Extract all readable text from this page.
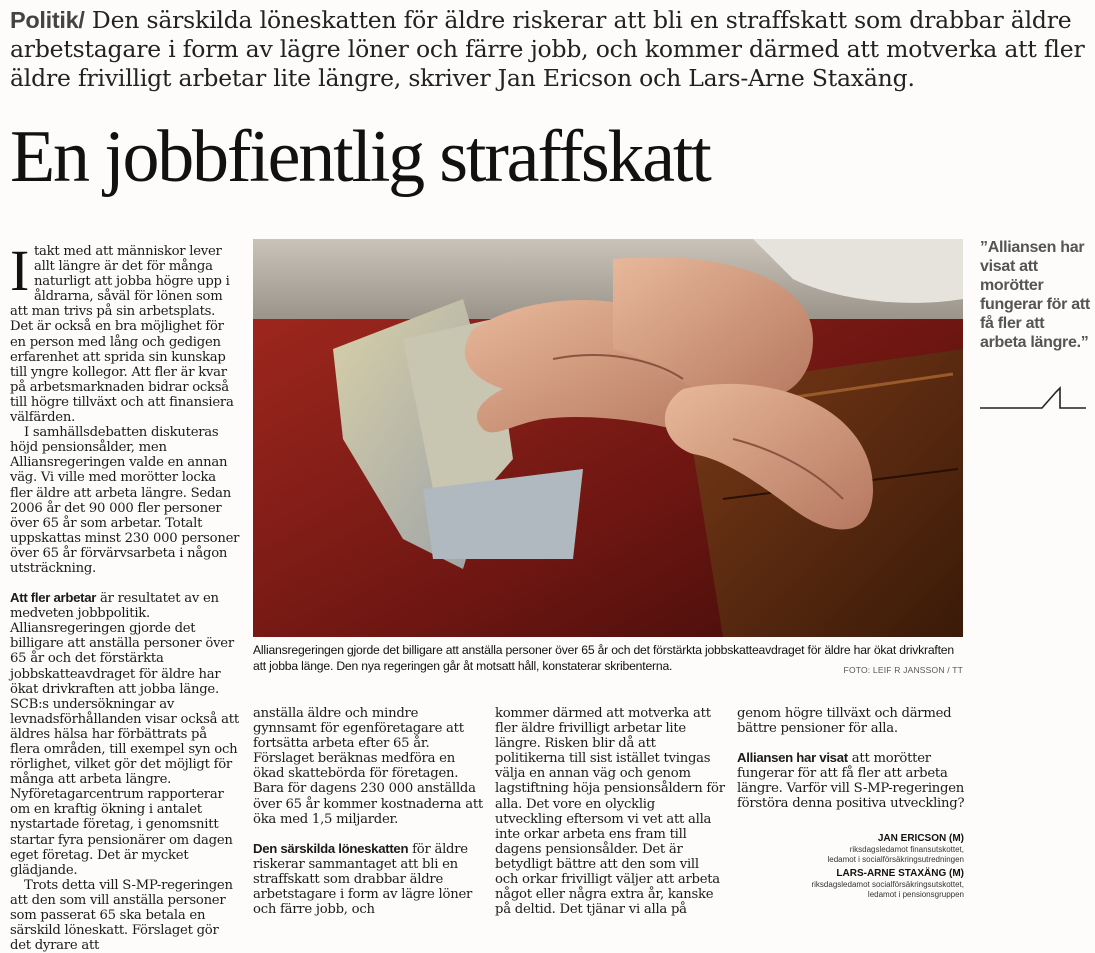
Politik/ Den särskilda löneskatten för äldre riskerar att bli en straffskatt som drabbar äldre arbetstagare i form av lägre löner och färre jobb, och kommer därmed att motverka att fler äldre frivilligt arbetar lite längre, skriver Jan Ericson och Lars-Arne Staxäng.
En jobbfientlig straffskatt

Itakt med att människor lever allt längre är det för många naturligt att jobba högre upp i åldrarna, såväl för lönen som att man trivs på sin arbetsplats. Det är också en bra möjlighet för en person med lång och gedigen erfarenhet att sprida sin kunskap till yngre kollegor. Att fler är kvar på arbetsmarknaden bidrar också till högre tillväxt och att finansiera välfärden.

I samhällsdebatten diskuteras höjd pensionsålder, men Alliansregeringen valde en annan väg. Vi ville med morötter locka fler äldre att arbeta längre. Sedan 2006 år det 90 000 fler personer över 65 år som arbetar. Totalt uppskattas minst 230 000 personer över 65 år förvärvsarbeta i någon utsträckning.

Att fler arbetar är resultatet av en medveten jobbpolitik. Alliansregeringen gjorde det billigare att anställa personer över 65 år och det förstärkta jobbskatteavdraget för äldre har ökat drivkraften att jobba länge. SCB:s undersökningar av levnadsförhållanden visar också att äldres hälsa har förbättrats på flera områden, till exempel syn och rörlighet, vilket gör det möjligt för många att arbeta längre. Nyföretagarcentrum rapporterar om en kraftig ökning i antalet nystartade företag, i genomsnitt startar fyra pensionärer om dagen eget företag. Det är mycket glädjande.

Trots detta vill S-MP-regeringen att den som vill anställa personer som passerat 65 ska betala en särskild löneskatt. Förslaget gör det dyrare att

Alliansregeringen gjorde det billigare att anställa personer över 65 år och det förstärkta jobbskatteavdraget för äldre har ökat drivkraften att jobba länge. Den nya regeringen går åt motsatt håll, konstaterar skribenterna.	FOTO: LEIF R JANSSON / TT

anställa äldre och mindre gynnsamt för egenföretagare att fortsätta arbeta efter 65 år. Förslaget beräknas medföra en ökad skattebörda för företagen. Bara för dagens 230 000 anställda över 65 år kommer kostnaderna att öka med 1,5 miljarder.

Den särskilda löneskatten för äldre riskerar sammantaget att bli en straffskatt som drabbar äldre arbetstagare i form av lägre löner och färre jobb, och

kommer därmed att motverka att fler äldre frivilligt arbetar lite längre. Risken blir då att politikerna till sist istället tvingas välja en annan väg och genom lagstiftning höja pensionsåldern för alla. Det vore en olycklig utveckling eftersom vi vet att alla inte orkar arbeta ens fram till dagens pensionsålder. Det är betydligt bättre att den som vill och orkar frivilligt väljer att arbeta något eller några extra år, kanske på deltid. Det tjänar vi alla på

genom högre tillväxt och därmed bättre pensioner för alla.

Alliansen har visat att morötter fungerar för att få fler att arbeta längre. Varför vill S-MP-regeringen förstöra denna positiva utveckling?

JAN ERICSON (M)
riksdagsledamot finansutskottet,
ledamot i socialförsäkringsutredningen
LARS-ARNE STAXÄNG (M)
riksdagsledamot socialförsäkringsutskottet,
ledamot i pensionsgruppen
”Alliansen har visat att morötter fungerar för att få fler att arbeta längre.”
